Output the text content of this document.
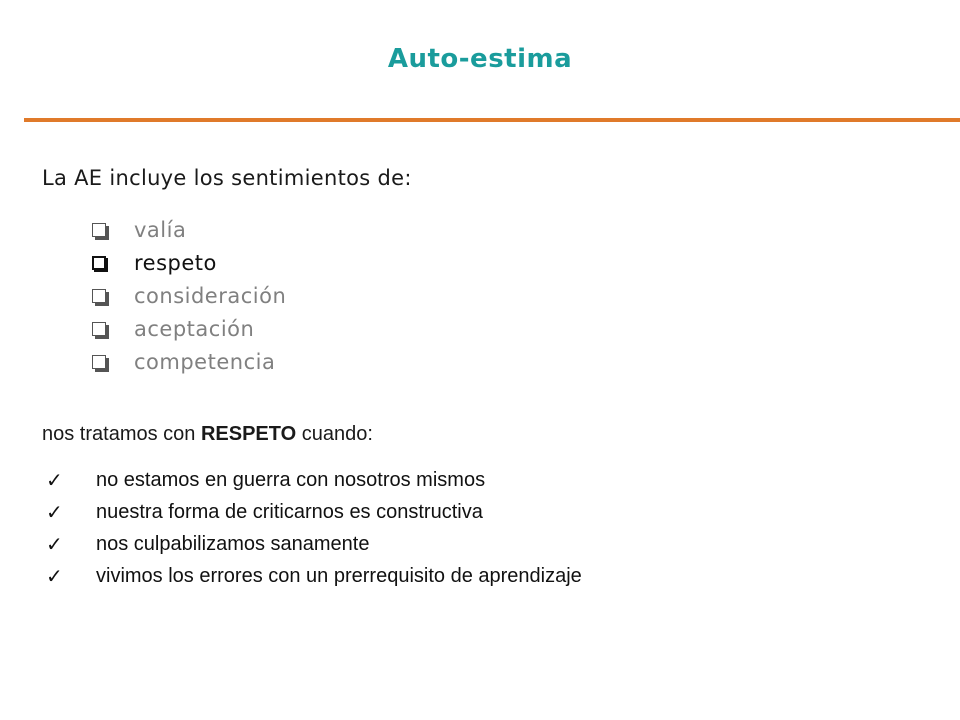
Auto-estima
La AE incluye los sentimientos de:
valía
respeto
consideración
aceptación
competencia
nos tratamos con RESPETO cuando:
✓	no estamos en guerra con nosotros mismos
✓	nuestra forma de criticarnos es constructiva
✓	nos culpabilizamos sanamente
✓	vivimos los errores con un prerrequisito de aprendizaje
